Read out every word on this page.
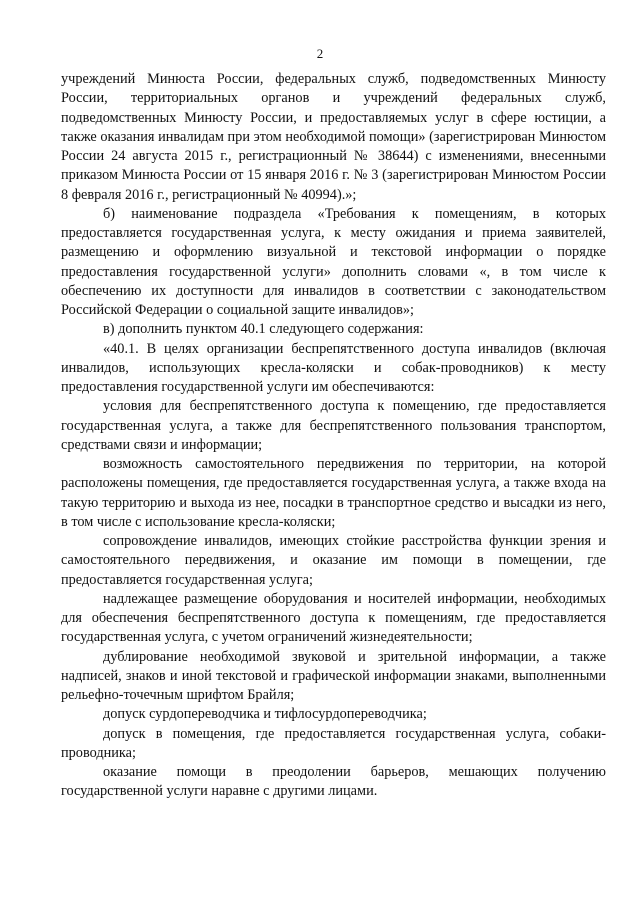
2

учреждений Минюста России, федеральных служб, подведомственных Минюсту России, территориальных органов и учреждений федеральных служб, подведомственных Минюсту России, и предоставляемых услуг в сфере юстиции, а также оказания инвалидам при этом необходимой помощи» (зарегистрирован Минюстом России 24 августа 2015 г., регистрационный № 38644) с изменениями, внесенными приказом Минюста России от 15 января 2016 г. № 3 (зарегистрирован Минюстом России 8 февраля 2016 г., регистрационный № 40994).»;

б) наименование подраздела «Требования к помещениям, в которых предоставляется государственная услуга, к месту ожидания и приема заявителей, размещению и оформлению визуальной и текстовой информации о порядке предоставления государственной услуги» дополнить словами «, в том числе к обеспечению их доступности для инвалидов в соответствии с законодательством Российской Федерации о социальной защите инвалидов»;

в) дополнить пунктом 40.1 следующего содержания:

«40.1. В целях организации беспрепятственного доступа инвалидов (включая инвалидов, использующих кресла-коляски и собак-проводников) к месту предоставления государственной услуги им обеспечиваются:

условия для беспрепятственного доступа к помещению, где предоставляется государственная услуга, а также для беспрепятственного пользования транспортом, средствами связи и информации;

возможность самостоятельного передвижения по территории, на которой расположены помещения, где предоставляется государственная услуга, а также входа на такую территорию и выхода из нее, посадки в транспортное средство и высадки из него, в том числе с использование кресла-коляски;

сопровождение инвалидов, имеющих стойкие расстройства функции зрения и самостоятельного передвижения, и оказание им помощи в помещении, где предоставляется государственная услуга;

надлежащее размещение оборудования и носителей информации, необходимых для обеспечения беспрепятственного доступа к помещениям, где предоставляется государственная услуга, с учетом ограничений жизнедеятельности;

дублирование необходимой звуковой и зрительной информации, а также надписей, знаков и иной текстовой и графической информации знаками, выполненными рельефно-точечным шрифтом Брайля;

допуск сурдопереводчика и тифлосурдопереводчика;

допуск в помещения, где предоставляется государственная услуга, собаки-проводника;

оказание помощи в преодолении барьеров, мешающих получению государственной услуги наравне с другими лицами.
